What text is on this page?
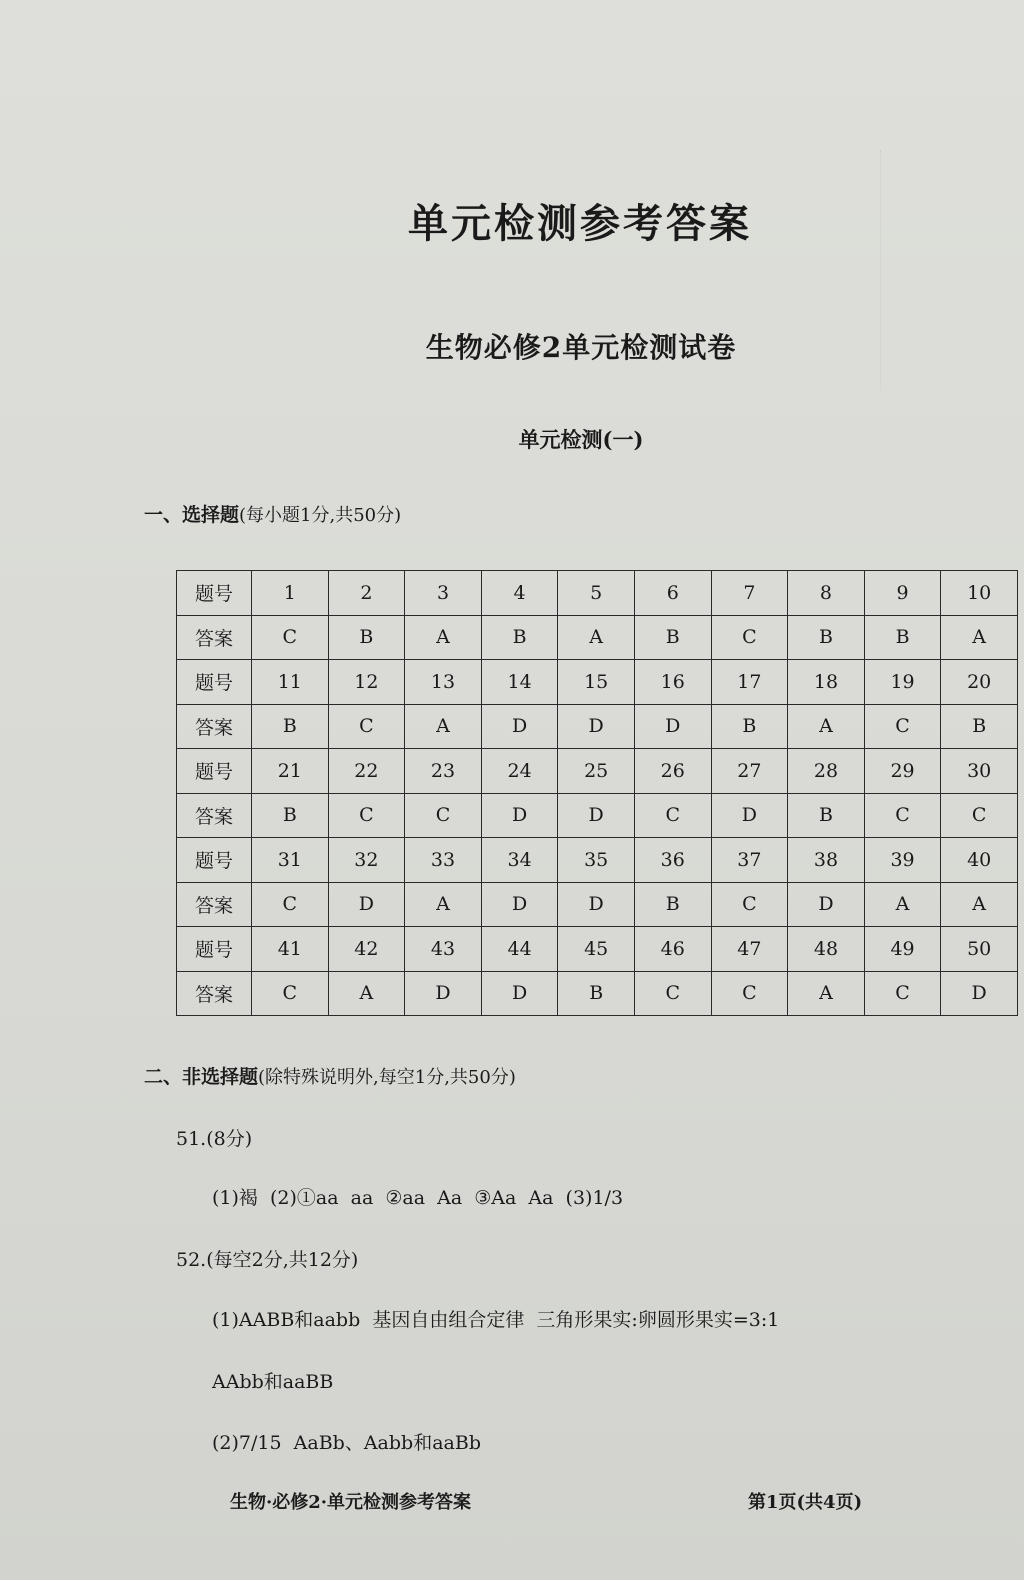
单元检测参考答案
生物必修2单元检测试卷
单元检测(一)
一、选择题(每小题1分,共50分)
题号	1	2	3	4	5	6	7	8	9	10
答案	C	B	A	B	A	B	C	B	B	A
题号	11	12	13	14	15	16	17	18	19	20
答案	B	C	A	D	D	D	B	A	C	B
题号	21	22	23	24	25	26	27	28	29	30
答案	B	C	C	D	D	C	D	B	C	C
题号	31	32	33	34	35	36	37	38	39	40
答案	C	D	A	D	D	B	C	D	A	A
题号	41	42	43	44	45	46	47	48	49	50
答案	C	A	D	D	B	C	C	A	C	D
二、非选择题(除特殊说明外,每空1分,共50分)
51.(8分)
(1)褐  (2)①aa  aa  ②aa  Aa  ③Aa  Aa  (3)1/3
52.(每空2分,共12分)
(1)AABB和aabb  基因自由组合定律  三角形果实:卵圆形果实=3:1
AAbb和aaBB
(2)7/15  AaBb、Aabb和aaBb
生物·必修2·单元检测参考答案	第1页(共4页)
